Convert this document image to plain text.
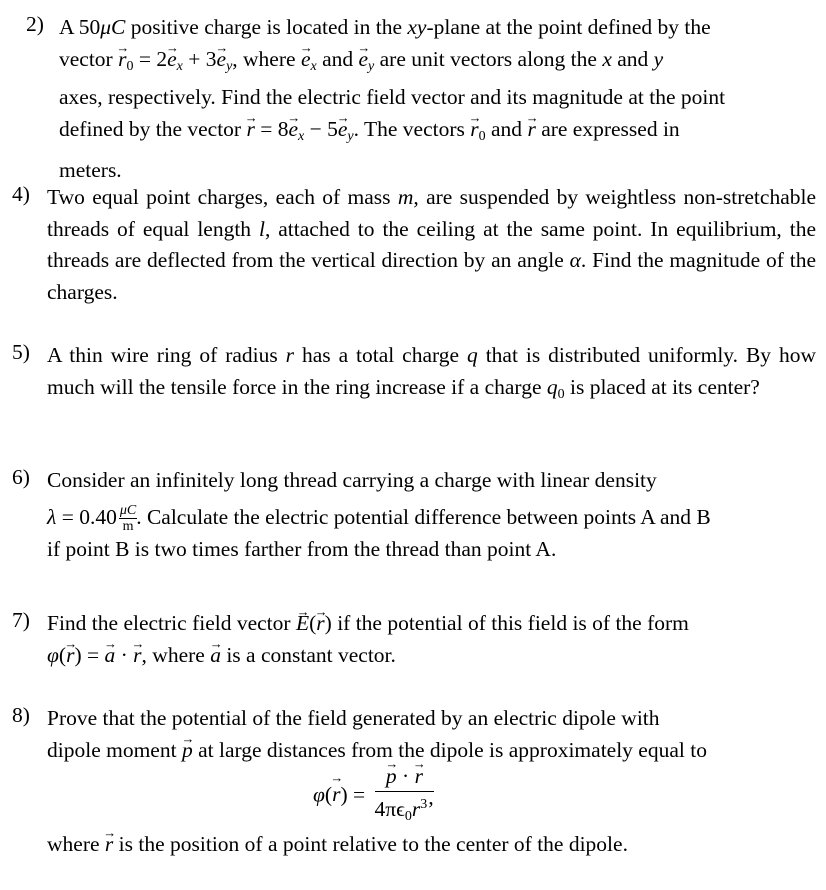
2) A 50μC positive charge is located in the xy-plane at the point defined by the
vector $r \to_0 = 2e \to_x + 3e \to_y$, where $e \to_x$ and $e \to_y$ are unit vectors along the x and y
axes, respectively. Find the electric field vector and its magnitude at the point
defined by the vector r → = $8e \to_x - 5e \to_y$. The vectors $r \to_0$ and r → are expressed in
meters.
4) Two equal point charges, each of mass m, are suspended by weightless non-stretchable threads of equal length l, attached to the ceiling at the same point. In equilibrium, the threads are deflected from the vertical direction by an angle α. Find the magnitude of the charges.
5) A thin wire ring of radius r has a total charge q that is distributed uniformly. By how much will the tensile force in the ring increase if a charge $q_0$ is placed at its center?
6) Consider an infinitely long thread carrying a charge with linear density
$\lambda = 0.40 \frac{\mu C}{m}$ . Calculate the electric potential difference between points A and B
if point B is two times farther from the thread than point A.
7) Find the electric field vector E →(r →) if the potential of this field is of the form
φ(r →) = a → · r →, where a → is a constant vector.
8) Prove that the potential of the field generated by an electric dipole with
dipole moment p → at large distances from the dipole is approximately equal to
φ(r →) = $\frac{p \to \cdot r \to}{4\pi\epsilon_0r^3’}$
where r → is the position of a point relative to the center of the dipole.
